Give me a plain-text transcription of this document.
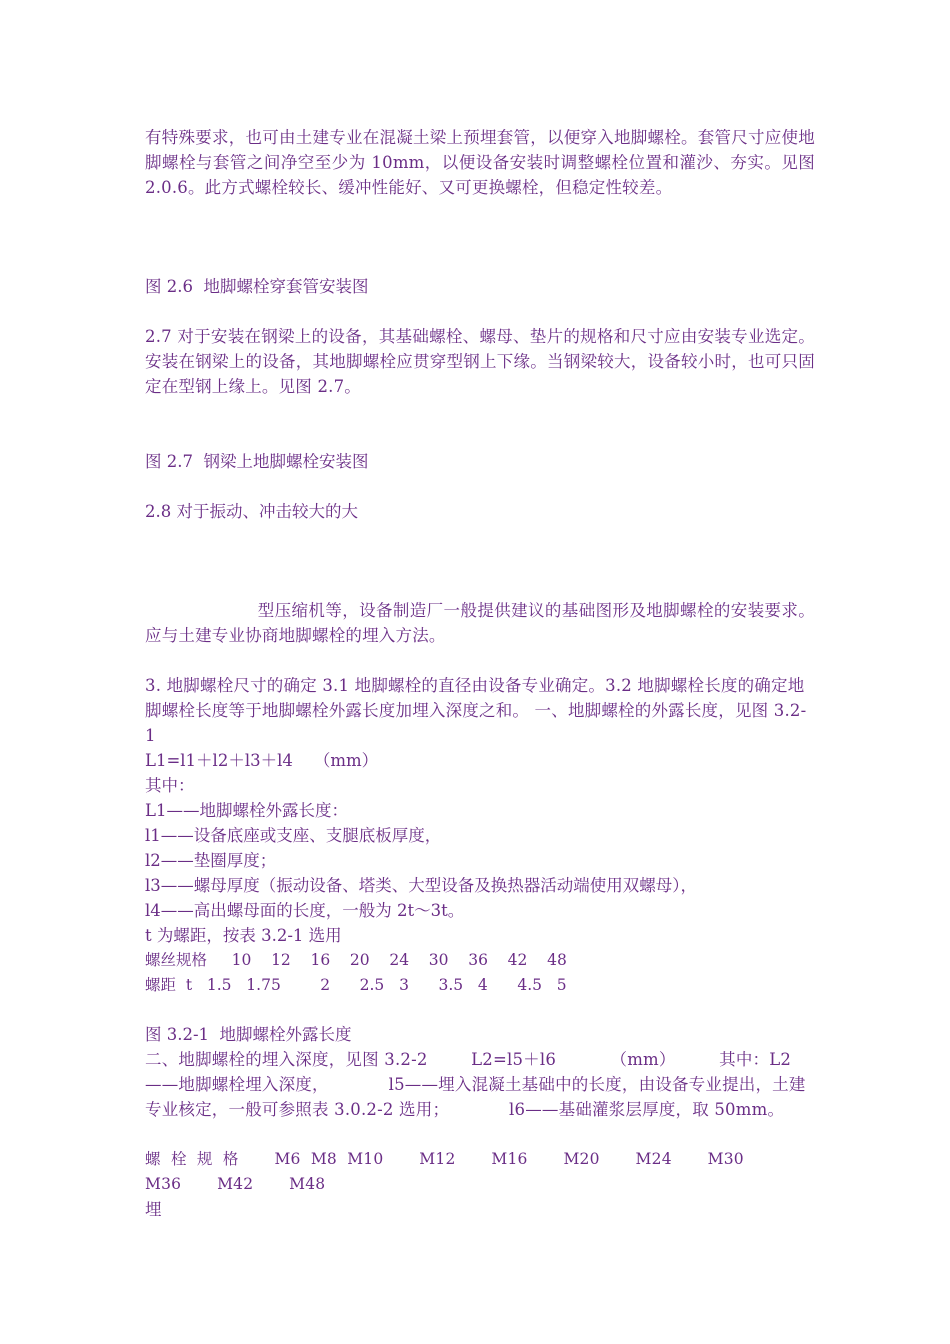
有特殊要求，也可由土建专业在混凝土梁上预埋套管，以便穿入地脚螺栓。套管尺寸应使地脚螺栓与套管之间净空至少为 10mm，以便设备安装时调整螺栓位置和灌沙、夯实。见图 2.0.6。此方式螺栓较长、缓冲性能好、又可更换螺栓，但稳定性较差。

图 2.6  地脚螺栓穿套管安装图

2.7 对于安装在钢梁上的设备，其基础螺栓、螺母、垫片的规格和尺寸应由安装专业选定。安装在钢梁上的设备，其地脚螺栓应贯穿型钢上下缘。当钢梁较大，设备较小时，也可只固定在型钢上缘上。见图 2.7。

图 2.7  钢梁上地脚螺栓安装图

2.8 对于振动、冲击较大的大

型压缩机等，设备制造厂一般提供建议的基础图形及地脚螺栓的安装要求。应与土建专业协商地脚螺栓的埋入方法。

3. 地脚螺栓尺寸的确定 3.1 地脚螺栓的直径由设备专业确定。3.2 地脚螺栓长度的确定地脚螺栓长度等于地脚螺栓外露长度加埋入深度之和。 一、地脚螺栓的外露长度，见图 3.2-1

L1=l1＋l2＋l3＋l4    （mm）

其中：

L1——地脚螺栓外露长度：

l1——设备底座或支座、支腿底板厚度，

l2——垫圈厚度；

l3——螺母厚度（振动设备、塔类、大型设备及换热器活动端使用双螺母），

l4——高出螺母面的长度，一般为 2t～3t。

t 为螺距，按表 3.2-1 选用

螺丝规格     10    12    16    20    24    30    36    42    48

螺距  t   1.5   1.75        2      2.5   3      3.5   4      4.5   5

图 3.2-1  地脚螺栓外露长度

二、地脚螺栓的埋入深度，见图 3.2-2        L2=l5＋l6          （mm）        其中：L2——地脚螺栓埋入深度，           l5——埋入混凝土基础中的长度，由设备专业提出，土建专业核定，一般可参照表 3.0.2-2 选用；           l6——基础灌浆层厚度，取 50mm。

螺  栓  规  格       M6  M8  M10       M12       M16       M20       M24       M30       M36       M42       M48

埋
